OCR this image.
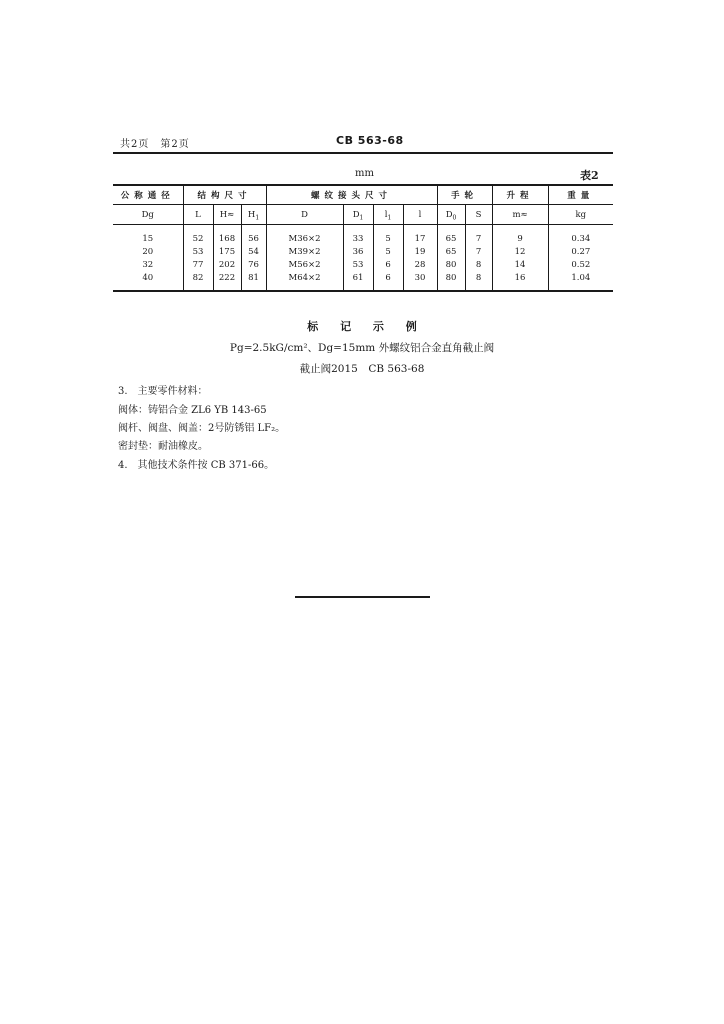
共2页　第2页	CB 563-68
mm	表2
公称通径	结构尺寸			螺纹接头尺寸				手轮		升程	重量
Dg	L	H≈	$H_1$	D	$D_1$	$l_1$	l	$D_0$	S	m≈	kg
15	52	168	56	M36×2	33	5	17	65	7	9	0.34
20	53	175	54	M39×2	36	5	19	65	7	12	0.27
32	77	202	76	M56×2	53	6	28	80	8	14	0.52
40	82	222	81	M64×2	61	6	30	80	8	16	1.04
标 记 示 例
Pg=2.5kG/cm²、Dg=15mm 外螺纹铝合金直角截止阀
截止阀2015　CB 563-68
3.　主要零件材料：
阀体：铸铝合金 ZL6 YB 143-65
阀杆、阀盘、阀盖：2号防锈铝 LF₂。
密封垫：耐油橡皮。
4.　其他技术条件按 CB 371-66。
